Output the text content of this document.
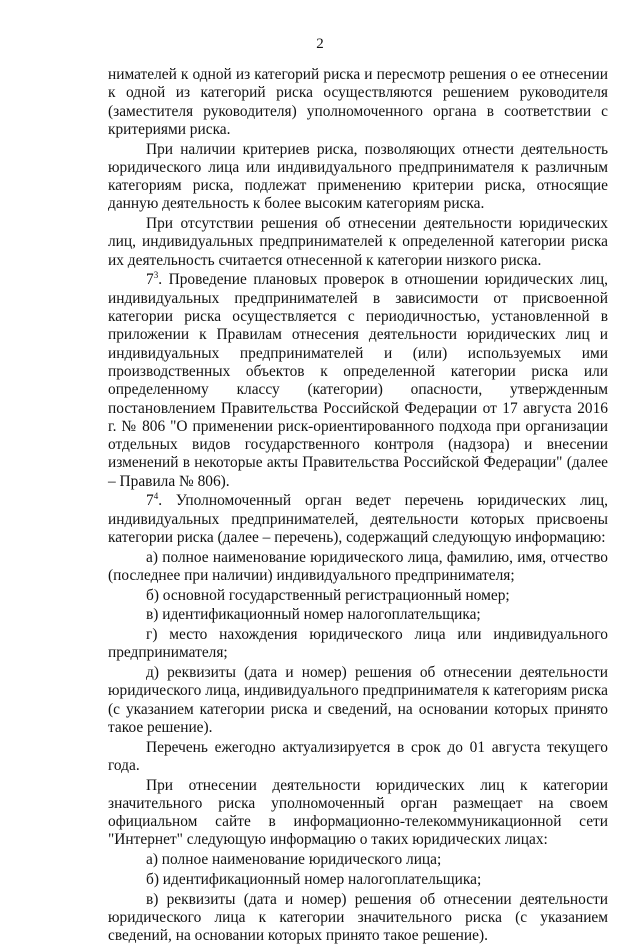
2

нимателей к одной из категорий риска и пересмотр решения о ее отнесении к одной из категорий риска осуществляются решением руководителя (заместителя руководителя) уполномоченного органа в соответствии с критериями риска.

При наличии критериев риска, позволяющих отнести деятельность юридического лица или индивидуального предпринимателя к различным категориям риска, подлежат применению критерии риска, относящие данную деятельность к более высоким категориям риска.

При отсутствии решения об отнесении деятельности юридических лиц, индивидуальных предпринимателей к определенной категории риска их деятельность считается отнесенной к категории низкого риска.

$7^3$. Проведение плановых проверок в отношении юридических лиц, индивидуальных предпринимателей в зависимости от присвоенной категории риска осуществляется с периодичностью, установленной в приложении к Правилам отнесения деятельности юридических лиц и индивидуальных предпринимателей и (или) используемых ими производственных объектов к определенной категории риска или определенному классу (категории) опасности, утвержденным постановлением Правительства Российской Федерации от 17 августа 2016 г. № 806 "О применении риск-ориентированного подхода при организации отдельных видов государственного контроля (надзора) и внесении изменений в некоторые акты Правительства Российской Федерации" (далее – Правила № 806).

$7^4$. Уполномоченный орган ведет перечень юридических лиц, индивидуальных предпринимателей, деятельности которых присвоены категории риска (далее – перечень), содержащий следующую информацию:

а) полное наименование юридического лица, фамилию, имя, отчество (последнее при наличии) индивидуального предпринимателя;

б) основной государственный регистрационный номер;

в) идентификационный номер налогоплательщика;

г) место нахождения юридического лица или индивидуального предпринимателя;

д) реквизиты (дата и номер) решения об отнесении деятельности юридического лица, индивидуального предпринимателя к категориям риска (с указанием категории риска и сведений, на основании которых принято такое решение).

Перечень ежегодно актуализируется в срок до 01 августа текущего года.

При отнесении деятельности юридических лиц к категории значительного риска уполномоченный орган размещает на своем официальном сайте в информационно-телекоммуникационной сети "Интернет" следующую информацию о таких юридических лицах:

а) полное наименование юридического лица;

б) идентификационный номер налогоплательщика;

в) реквизиты (дата и номер) решения об отнесении деятельности юридического лица к категории значительного риска (с указанием сведений, на основании которых принято такое решение).
